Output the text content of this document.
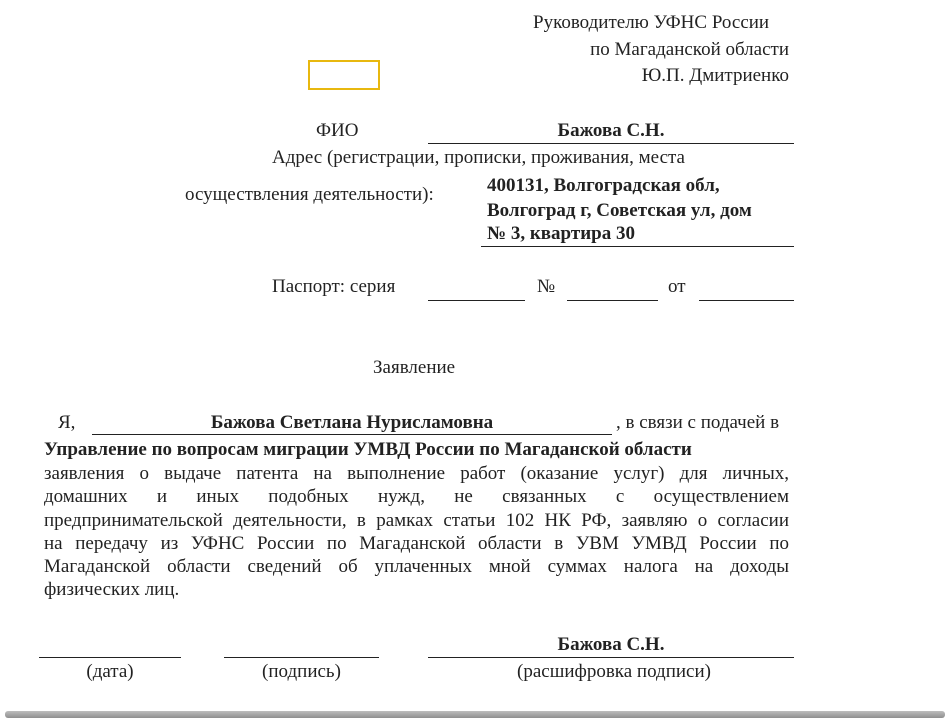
Руководителю УФНС России
по Магаданской области
Ю.П. Дмитриенко
ФИО	Бажова С.Н.
Адрес (регистрации, прописки, проживания, места
осуществления деятельности):	400131, Волгоградская обл,
Волгоград г, Советская ул, дом
№ 3, квартира 30
Паспорт: серия	№	от
Заявление
Я,	Бажова Светлана Нурисламовна	, в связи с подачей в
Управление по вопросам миграции УМВД России по Магаданской области
заявления о выдаче патента на выполнение работ (оказание услуг) для личных,
домашних и иных подобных нужд, не связанных с осуществлением
предпринимательской деятельности, в рамках статьи 102 НК РФ, заявляю о согласии
на передачу из УФНС России по Магаданской области в УВМ УМВД России по
Магаданской области сведений об уплаченных мной суммах налога на доходы
физических лиц.
Бажова С.Н.
(дата)	(подпись)	(расшифровка подписи)
